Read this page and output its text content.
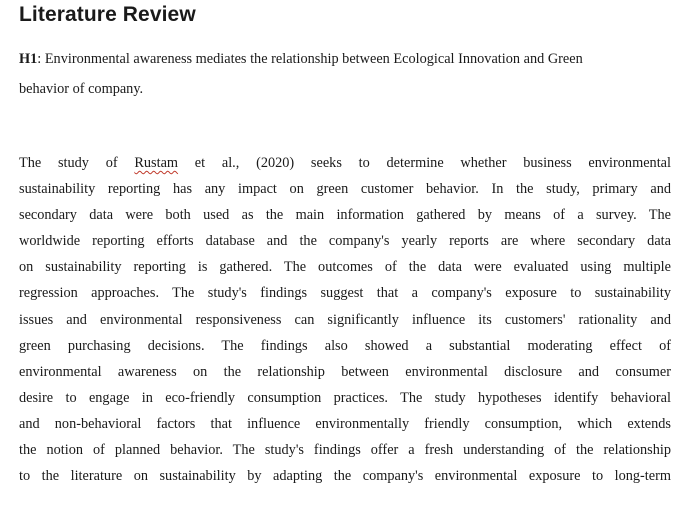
Literature Review
H1: Environmental awareness mediates the relationship between Ecological Innovation and Green
behavior of company.
The study of Rustam et al., (2020) seeks to determine whether business environmental
sustainability reporting has any impact on green customer behavior. In the study, primary and
secondary data were both used as the main information gathered by means of a survey. The
worldwide reporting efforts database and the company's yearly reports are where secondary data
on sustainability reporting is gathered. The outcomes of the data were evaluated using multiple
regression approaches. The study's findings suggest that a company's exposure to sustainability
issues and environmental responsiveness can significantly influence its customers' rationality and
green purchasing decisions. The findings also showed a substantial moderating effect of
environmental awareness on the relationship between environmental disclosure and consumer
desire to engage in eco-friendly consumption practices. The study hypotheses identify behavioral
and non-behavioral factors that influence environmentally friendly consumption, which extends
the notion of planned behavior. The study's findings offer a fresh understanding of the relationship
to the literature on sustainability by adapting the company's environmental exposure to long-term
